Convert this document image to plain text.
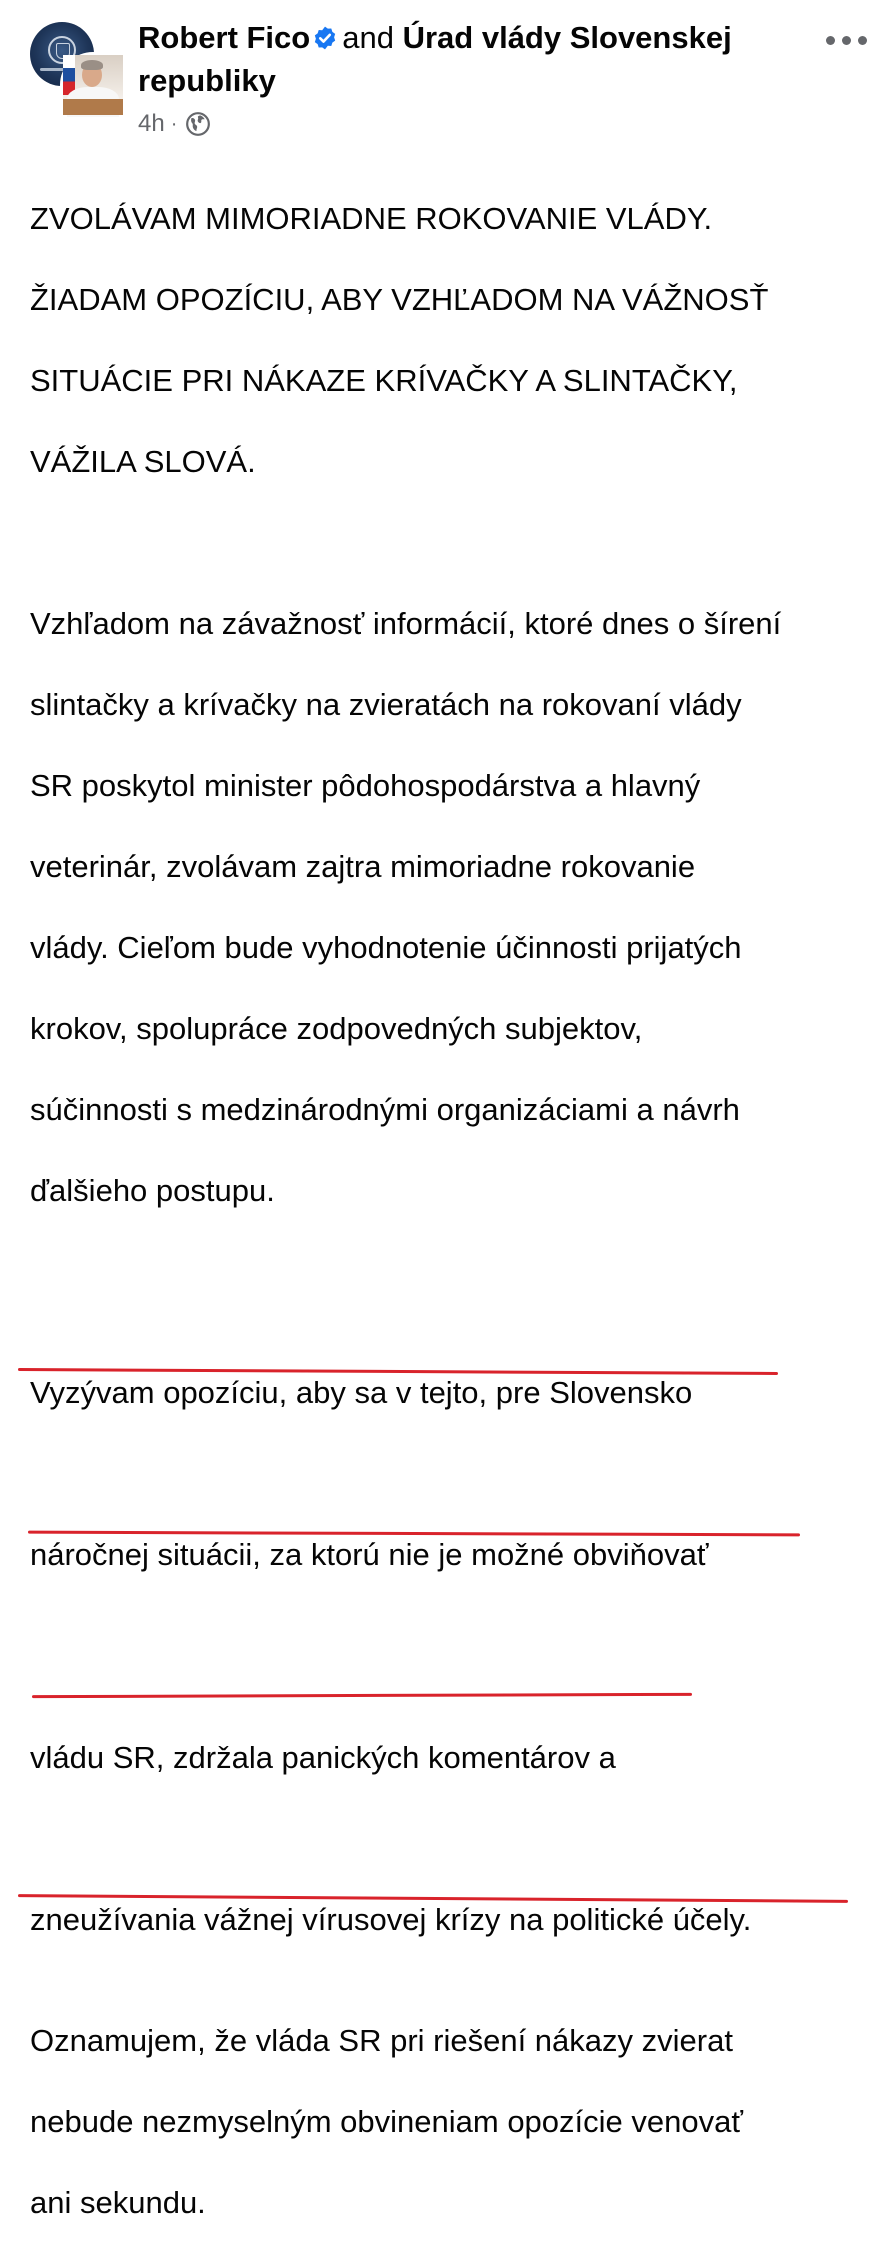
Robert Fico and Úrad vlády Slovenskej
republiky
4h ·

ZVOLÁVAM MIMORIADNE ROKOVANIE VLÁDY.

ŽIADAM OPOZÍCIU, ABY VZHĽADOM NA VÁŽNOSŤ

SITUÁCIE PRI NÁKAZE KRÍVAČKY A SLINTAČKY,

VÁŽILA SLOVÁ.

Vzhľadom na závažnosť informácií, ktoré dnes o šírení

slintačky a krívačky na zvieratách na rokovaní vlády

SR poskytol minister pôdohospodárstva a hlavný

veterinár, zvolávam zajtra mimoriadne rokovanie

vlády. Cieľom bude vyhodnotenie účinnosti prijatých

krokov, spolupráce zodpovedných subjektov,

súčinnosti s medzinárodnými organizáciami a návrh

ďalšieho postupu.

Vyzývam opozíciu, aby sa v tejto, pre Slovensko

náročnej situácii, za ktorú nie je možné obviňovať

vládu SR, zdržala panických komentárov a

zneužívania vážnej vírusovej krízy na politické účely.

Oznamujem, že vláda SR pri riešení nákazy zvierat

nebude nezmyselným obvineniam opozície venovať

ani sekundu.
